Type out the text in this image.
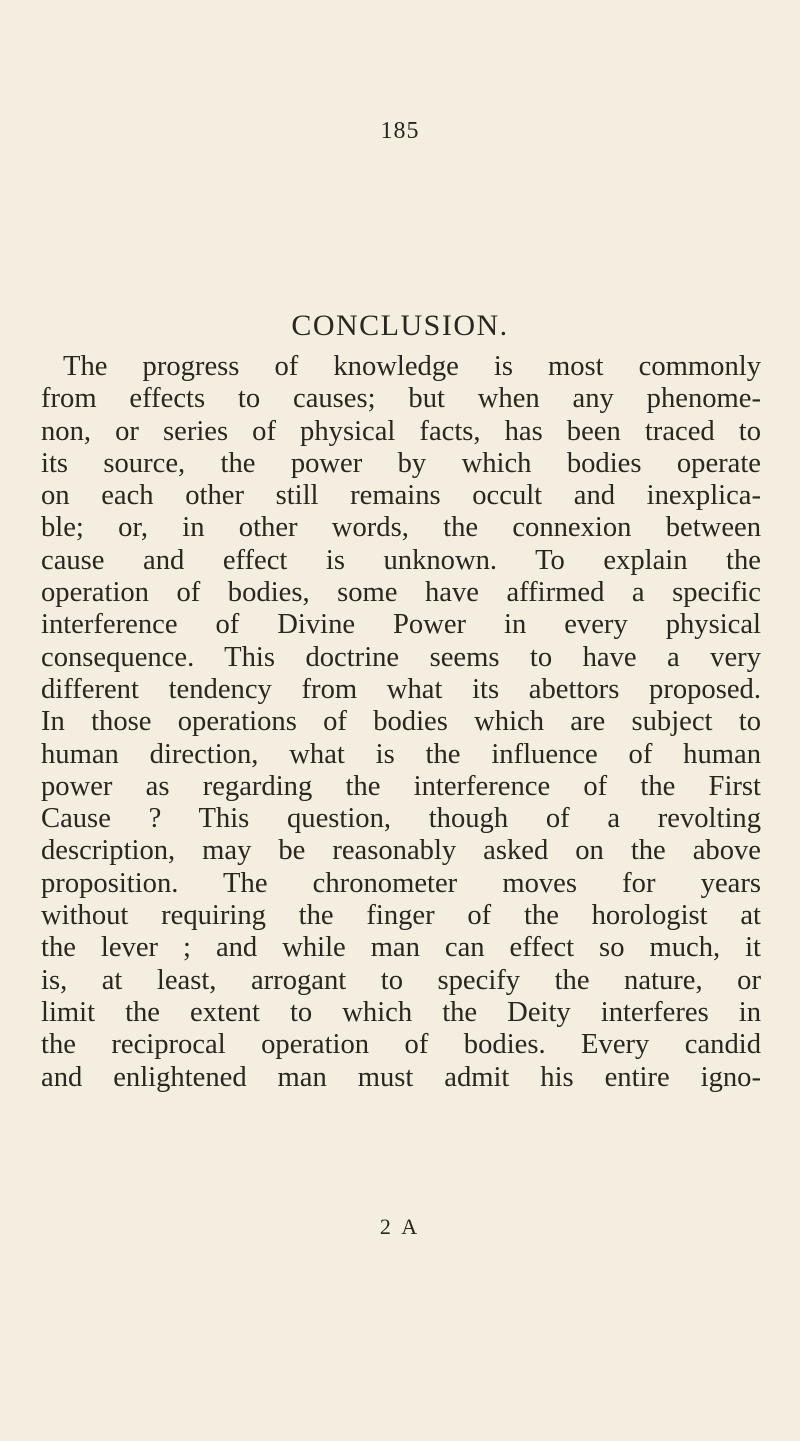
185
CONCLUSION.

The progress of knowledge is most commonly
from effects to causes; but when any phenome-
non, or series of physical facts, has been traced to
its source, the power by which bodies operate
on each other still remains occult and inexplica-
ble; or, in other words, the connexion between
cause and effect is unknown. To explain the
operation of bodies, some have affirmed a specific
interference of Divine Power in every physical
consequence. This doctrine seems to have a very
different tendency from what its abettors proposed.
In those operations of bodies which are subject to
human direction, what is the influence of human
power as regarding the interference of the First
Cause ? This question, though of a revolting
description, may be reasonably asked on the above
proposition. The chronometer moves for years
without requiring the finger of the horologist at
the lever ; and while man can effect so much, it
is, at least, arrogant to specify the nature, or
limit the extent to which the Deity interferes in
the reciprocal operation of bodies. Every candid
and enlightened man must admit his entire igno-

2 A
